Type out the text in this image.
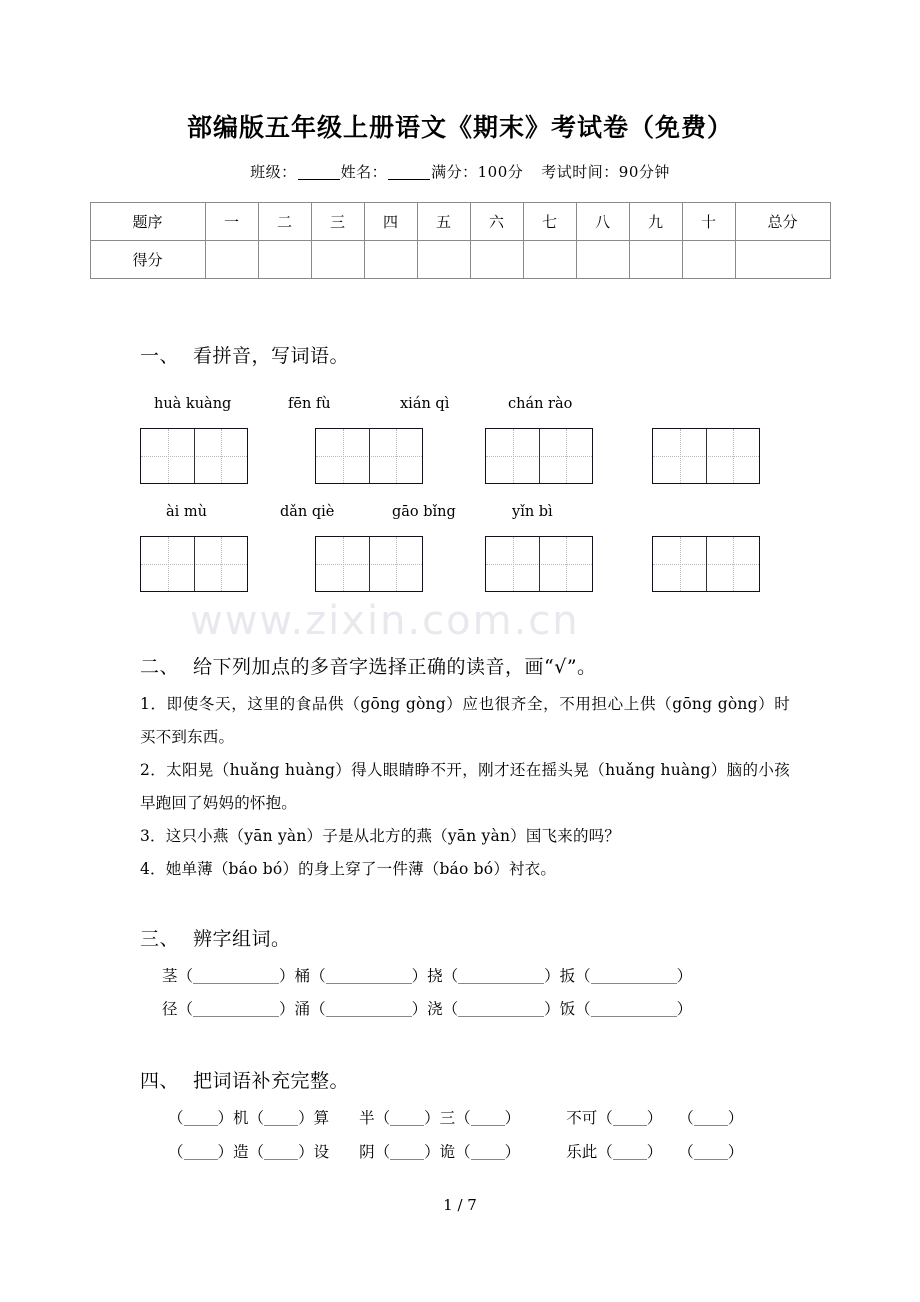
www.zixin.com.cn
部编版五年级上册语文《期末》考试卷（免费）

班级：	姓名：	满分：100分 考试时间：90分钟

题序	一	二	三	四	五	六	七	八	九	十	总分
得分											

一、 看拼音，写词语。

huà kuàng	fēn fù	xián qì	chán rào
ài mù	dǎn qiè	gāo bǐng	yǐn bì

二、 给下列加点的多音字选择正确的读音，画“√”。

1．即使冬天，这里的食品供（gōng gòng）应也很齐全，不用担心上供（gōng gòng）时买不到东西。

2．太阳晃（huǎng huàng）得人眼睛睁不开，刚才还在摇头晃（huǎng huàng）脑的小孩早跑回了妈妈的怀抱。

3．这只小燕（yān yàn）子是从北方的燕（yān yàn）国飞来的吗？

4．她单薄（báo bó）的身上穿了一件薄（báo bó）衬衣。

三、 辨字组词。

茎（	）桶（	）挠（	）扳（	）
径（	）涌（	）浇（	）饭（	）

四、 把词语补充完整。

（ ）机（ ）算 半（ ）三（ ）	不可（ ） （ ）
（ ）造（ ）设 阴（ ）诡（ ）	乐此（ ） （ ）
1 / 7
